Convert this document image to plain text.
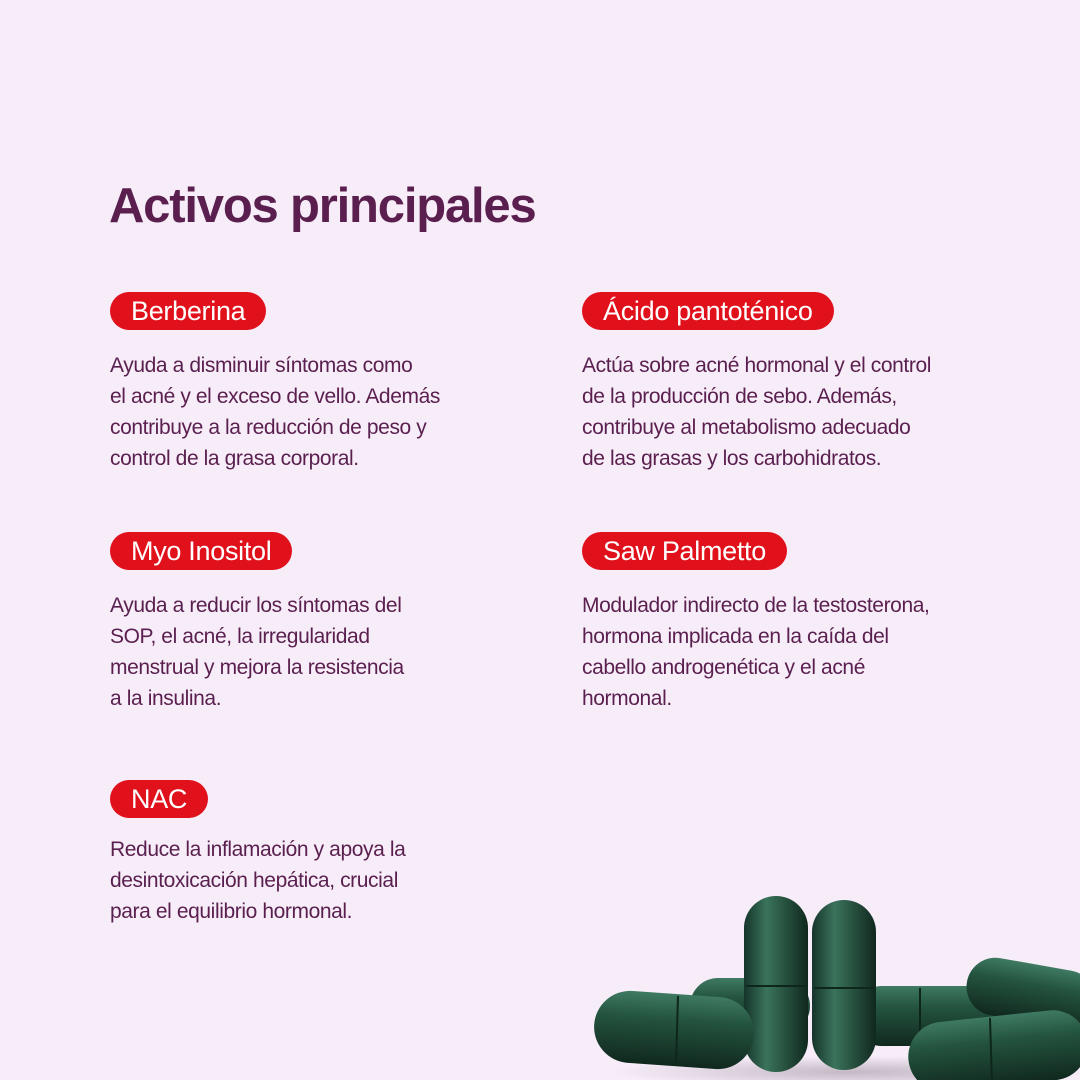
Activos principales
Berberina

Ayuda a disminuir síntomas como
el acné y el exceso de vello. Además
contribuye a la reducción de peso y
control de la grasa corporal.

Ácido pantoténico

Actúa sobre acné hormonal y el control
de la producción de sebo. Además,
contribuye al metabolismo adecuado
de las grasas y los carbohidratos.

Myo Inositol

Ayuda a reducir los síntomas del
SOP, el acné, la irregularidad
menstrual y mejora la resistencia
a la insulina.

Saw Palmetto

Modulador indirecto de la testosterona,
hormona implicada en la caída del
cabello androgenética y el acné
hormonal.

NAC

Reduce la inflamación y apoya la
desintoxicación hepática, crucial
para el equilibrio hormonal.
